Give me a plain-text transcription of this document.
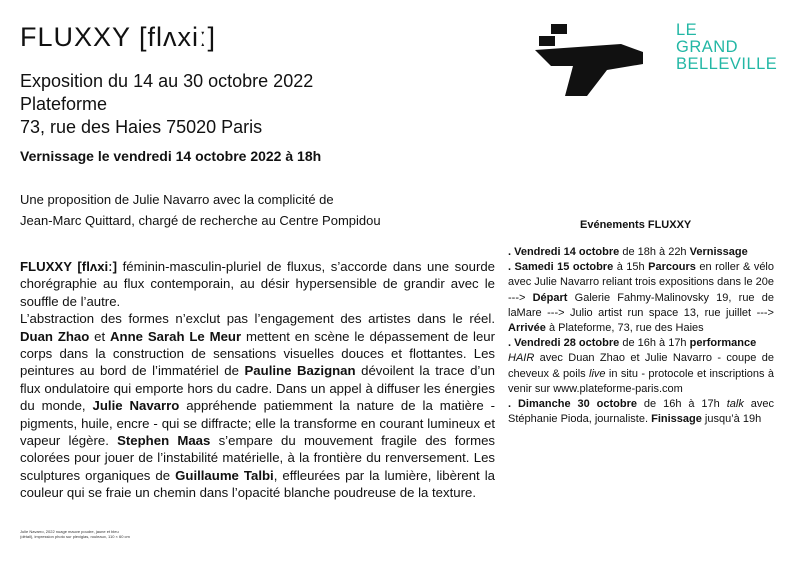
FLUXXY [flʌxiː]
Exposition du 14 au 30 octobre 2022
Plateforme
73, rue des Haies 75020 Paris
Vernissage le vendredi 14 octobre 2022 à 18h
Une proposition de Julie Navarro avec la complicité de
Jean-Marc Quittard, chargé de recherche au Centre Pompidou
LE
GRAND
BELLEVILLE
Evénements FLUXXY

FLUXXY [flʌxiː] féminin-masculin-pluriel de fluxus, s’accorde dans une sourde chorégraphie au flux contemporain, au désir hypersensible de grandir avec le souffle de l’autre.

L’abstraction des formes n’exclut pas l’engagement des artistes dans le réel. Duan Zhao et Anne Sarah Le Meur mettent en scène le dépassement de leur corps dans la construction de sensations visuelles douces et flottantes. Les peintures au bord de l’immatériel de Pauline Bazignan dévoilent la trace d’un flux ondulatoire qui emporte hors du cadre. Dans un appel à diffuser les énergies du monde, Julie Navarro appréhende patiemment la nature de la matière - pigments, huile, encre - qui se diffracte; elle la transforme en courant lumineux et vapeur légère. Stephen Maas s’empare du mouvement fragile des formes colorées pour jouer de l’instabilité matérielle, à la frontière du renversement. Les sculptures organiques de Guillaume Talbi, effleurées par la lumière, libèrent la couleur qui se fraie un chemin dans l’opacité blanche poudreuse de la texture.

. Vendredi 14 octobre de 18h à 22h Vernissage

. Samedi 15 octobre à 15h Parcours en roller & vélo avec Julie Navarro reliant trois expositions dans le 20e ---> Départ Galerie Fahmy-Malinovsky 19, rue de laMare ---> Julio artist run space 13, rue juillet ---> Arrivée à Plateforme, 73, rue des Haies

. Vendredi 28 octobre de 16h à 17h performance
HAIR avec Duan Zhao et Julie Navarro - coupe de cheveux & poils live in situ - protocole et inscriptions à venir sur www.plateforme-paris.com

. Dimanche 30 octobre de 16h à 17h talk avec Stéphanie Pioda, journaliste. Finissage jusqu’à 19h

Julie Navarro, 2022 nuage mauve poudre, jaune et bleu (détail), impression photo sur plexiglas, rouleaux, 110 × 60 cm
